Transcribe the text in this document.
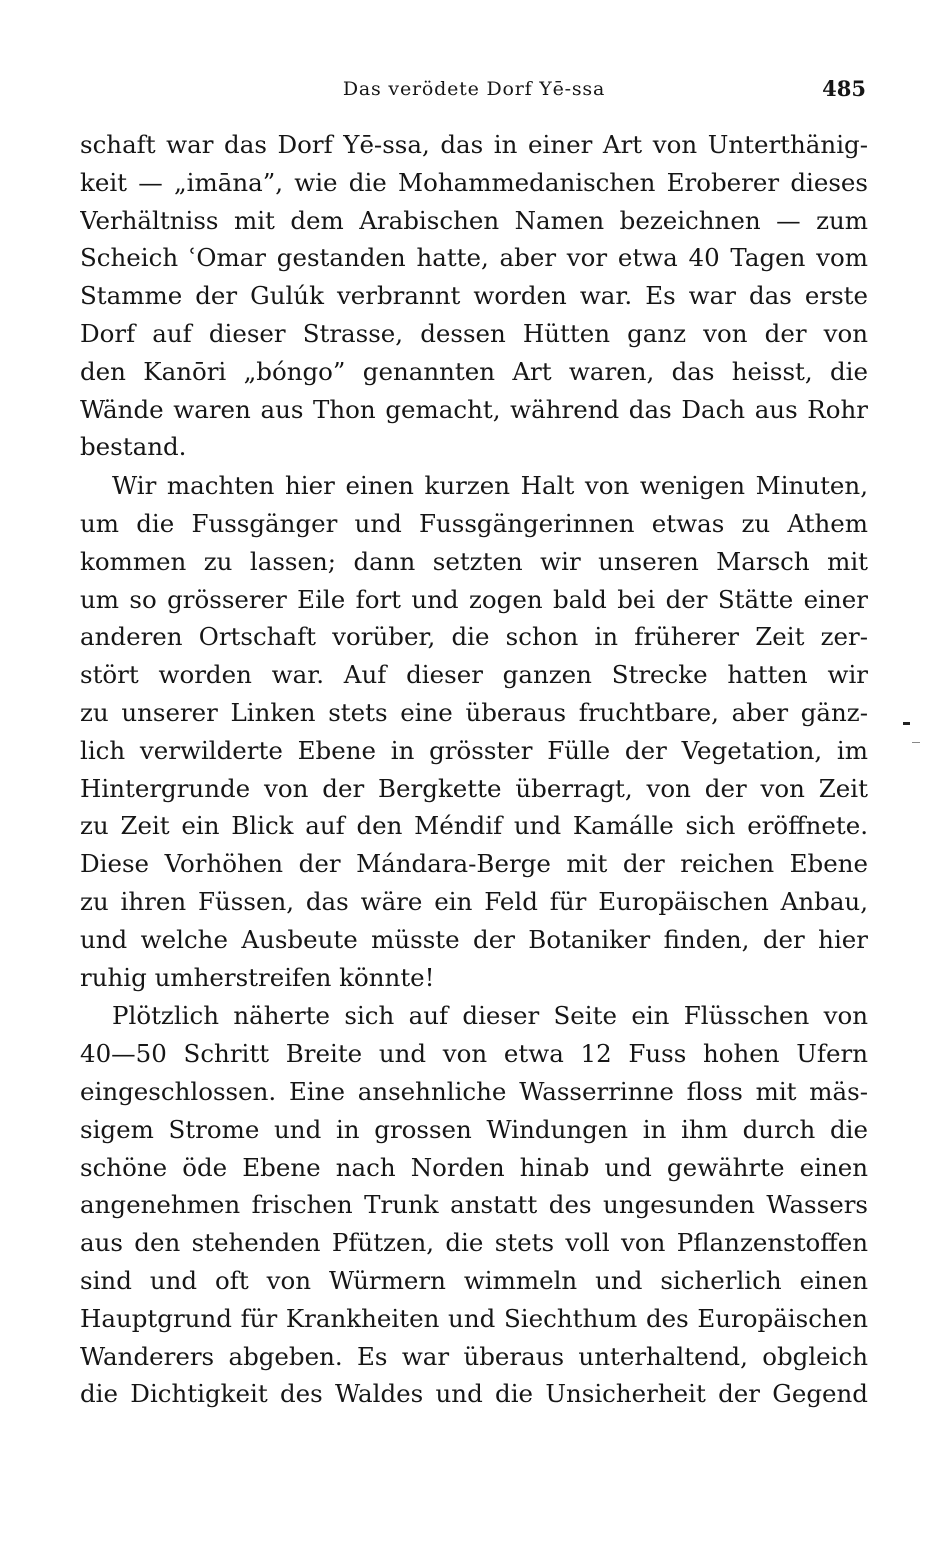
Das verödete Dorf Yē-ssa	485
schaft war das Dorf Yē-ssa, das in einer Art von Unterthänig-
keit — „imāna”, wie die Mohammedanischen Eroberer dieses
Verhältniss mit dem Arabischen Namen bezeichnen — zum
Scheich ʿOmar gestanden hatte, aber vor etwa 40 Tagen vom
Stamme der Gulúk verbrannt worden war. Es war das erste
Dorf auf dieser Strasse, dessen Hütten ganz von der von
den Kanōri „bóngo” genannten Art waren, das heisst, die
Wände waren aus Thon gemacht, während das Dach aus Rohr
bestand.
Wir machten hier einen kurzen Halt von wenigen Minuten,
um die Fussgänger und Fussgängerinnen etwas zu Athem
kommen zu lassen; dann setzten wir unseren Marsch mit
um so grösserer Eile fort und zogen bald bei der Stätte einer
anderen Ortschaft vorüber, die schon in früherer Zeit zer-
stört worden war. Auf dieser ganzen Strecke hatten wir
zu unserer Linken stets eine überaus fruchtbare, aber gänz-
lich verwilderte Ebene in grösster Fülle der Vegetation, im
Hintergrunde von der Bergkette überragt, von der von Zeit
zu Zeit ein Blick auf den Méndif und Kamálle sich eröffnete.
Diese Vorhöhen der Mándara-Berge mit der reichen Ebene
zu ihren Füssen, das wäre ein Feld für Europäischen Anbau,
und welche Ausbeute müsste der Botaniker finden, der hier
ruhig umherstreifen könnte!
Plötzlich näherte sich auf dieser Seite ein Flüsschen von
40—50 Schritt Breite und von etwa 12 Fuss hohen Ufern
eingeschlossen. Eine ansehnliche Wasserrinne floss mit mäs-
sigem Strome und in grossen Windungen in ihm durch die
schöne öde Ebene nach Norden hinab und gewährte einen
angenehmen frischen Trunk anstatt des ungesunden Wassers
aus den stehenden Pfützen, die stets voll von Pflanzenstoffen
sind und oft von Würmern wimmeln und sicherlich einen
Hauptgrund für Krankheiten und Siechthum des Europäischen
Wanderers abgeben. Es war überaus unterhaltend, obgleich
die Dichtigkeit des Waldes und die Unsicherheit der Gegend
